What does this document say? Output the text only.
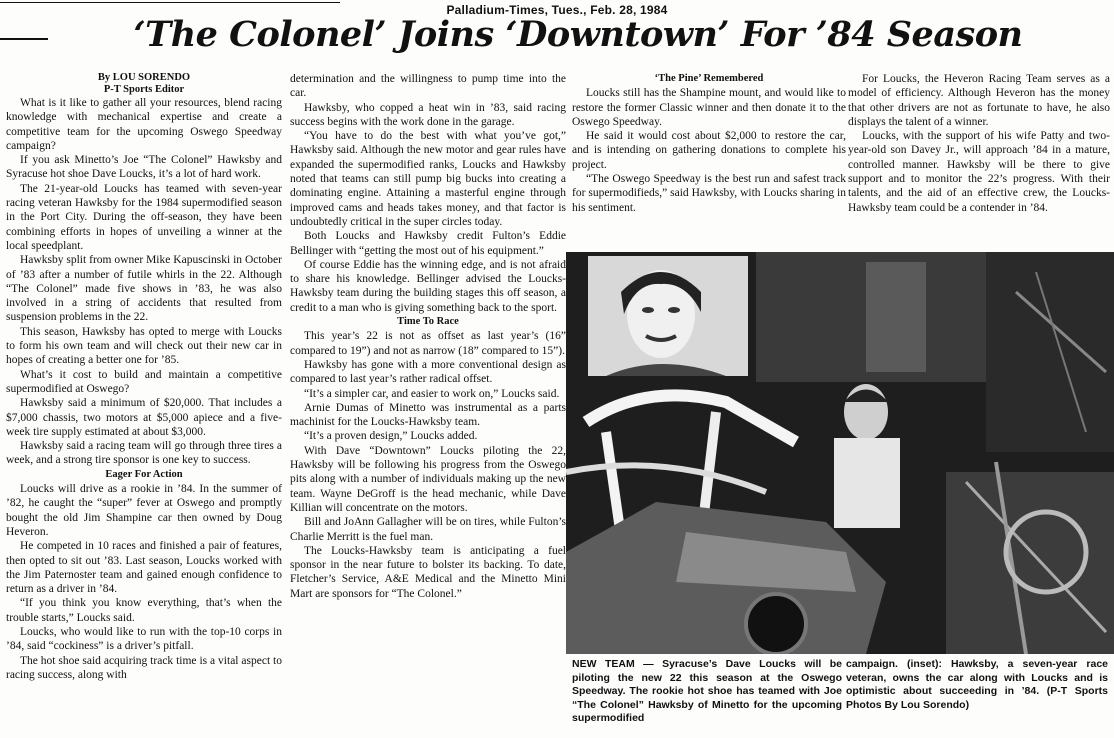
Palladium-Times, Tues., Feb. 28, 1984
‘The Colonel’ Joins ‘Downtown’ For ’84 Season

By LOU SORENDO

P-T Sports Editor

What is it like to gather all your resources, blend racing knowledge with mechanical expertise and create a competitive team for the upcoming Oswego Speedway campaign?

If you ask Minetto’s Joe “The Colonel” Hawksby and Syracuse hot shoe Dave Loucks, it’s a lot of hard work.

The 21-year-old Loucks has teamed with seven-year racing veteran Hawksby for the 1984 supermodified season in the Port City. During the off-season, they have been combining efforts in hopes of unveiling a winner at the local speedplant.

Hawksby split from owner Mike Kapuscinski in October of ’83 after a number of futile whirls in the 22. Although “The Colonel” made five shows in ’83, he was also involved in a string of accidents that resulted from suspension problems in the 22.

This season, Hawksby has opted to merge with Loucks to form his own team and will check out their new car in hopes of creating a better one for ’85.

What’s it cost to build and maintain a competitive supermodified at Oswego?

Hawksby said a minimum of $20,000. That includes a $7,000 chassis, two motors at $5,000 apiece and a five-week tire supply estimated at about $3,000.

Hawksby said a racing team will go through three tires a week, and a strong tire sponsor is one key to success.

Eager For Action

Loucks will drive as a rookie in ’84. In the summer of ’82, he caught the “super” fever at Oswego and promptly bought the old Jim Shampine car then owned by Doug Heveron.

He competed in 10 races and finished a pair of features, then opted to sit out ’83. Last season, Loucks worked with the Jim Paternoster team and gained enough confidence to return as a driver in ’84.

“If you think you know everything, that’s when the trouble starts,” Loucks said.

Loucks, who would like to run with the top-10 corps in ’84, said “cockiness” is a driver’s pitfall.

The hot shoe said acquiring track time is a vital aspect to racing success, along with

determination and the willingness to pump time into the car.

Hawksby, who copped a heat win in ’83, said racing success begins with the work done in the garage.

“You have to do the best with what you’ve got,” Hawksby said. Although the new motor and gear rules have expanded the supermodified ranks, Loucks and Hawksby noted that teams can still pump big bucks into creating a dominating engine. Attaining a masterful engine through improved cams and heads takes money, and that factor is undoubtedly critical in the super circles today.

Both Loucks and Hawksby credit Fulton’s Eddie Bellinger with “getting the most out of his equipment.”

Of course Eddie has the winning edge, and is not afraid to share his knowledge. Bellinger advised the Loucks-Hawksby team during the building stages this off season, a credit to a man who is giving something back to the sport.

Time To Race

This year’s 22 is not as offset as last year’s (16” compared to 19”) and not as narrow (18” compared to 15”).

Hawksby has gone with a more conventional design as compared to last year’s rather radical offset.

“It’s a simpler car, and easier to work on,” Loucks said.

Arnie Dumas of Minetto was instrumental as a parts machinist for the Loucks-Hawksby team.

“It’s a proven design,” Loucks added.

With Dave “Downtown” Loucks piloting the 22, Hawksby will be following his progress from the Oswego pits along with a number of individuals making up the new team. Wayne DeGroff is the head mechanic, while Dave Killian will concentrate on the motors.

Bill and JoAnn Gallagher will be on tires, while Fulton’s Charlie Merritt is the fuel man.

The Loucks-Hawksby team is anticipating a fuel sponsor in the near future to bolster its backing. To date, Fletcher’s Service, A&E Medical and the Minetto Mini Mart are sponsors for “The Colonel.”

‘The Pine’ Remembered

Loucks still has the Shampine mount, and would like to restore the former Classic winner and then donate it to the Oswego Speedway.

He said it would cost about $2,000 to restore the car, and is intending on gathering donations to complete his project.

“The Oswego Speedway is the best run and safest track for supermodifieds,” said Hawksby, with Loucks sharing in his sentiment.

For Loucks, the Heveron Racing Team serves as a model of efficiency. Although Heveron has the money that other drivers are not as fortunate to have, he also displays the talent of a winner.

Loucks, with the support of his wife Patty and two-year-old son Davey Jr., will approach ’84 in a mature, controlled manner. Hawksby will be there to give support and to monitor the 22’s progress. With their talents, and the aid of an effective crew, the Loucks-Hawksby team could be a contender in ’84.

NEW TEAM — Syracuse’s Dave Loucks will be piloting the new 22 this season at the Oswego Speedway. The rookie hot shoe has teamed with Joe “The Colonel” Hawksby of Minetto for the upcoming supermodified
campaign. (inset): Hawksby, a seven-year race veteran, owns the car along with Loucks and is optimistic about succeeding in ’84. (P-T Sports Photos By Lou Sorendo)
